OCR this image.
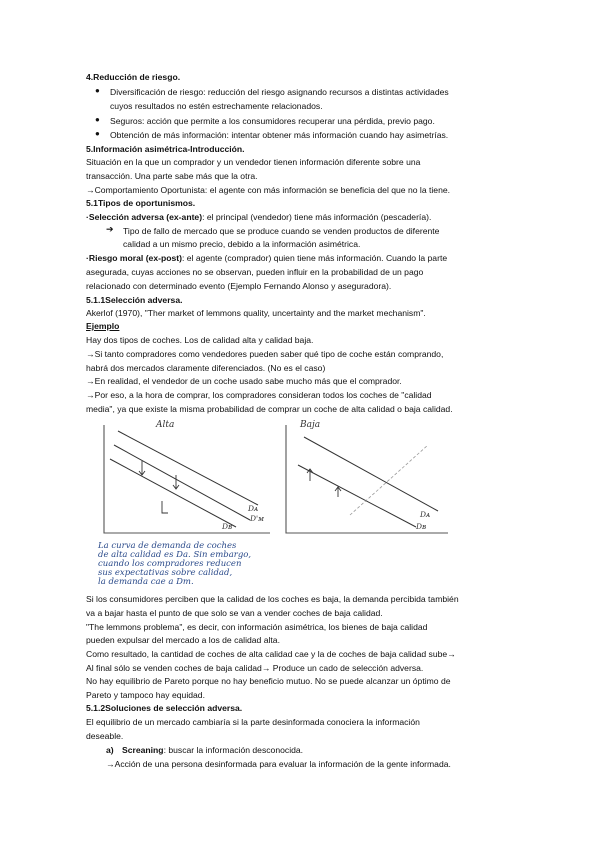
4.Reducción de riesgo.
● Diversificación de riesgo: reducción del riesgo asignando recursos a distintas actividades
cuyos resultados no estén estrechamente relacionados.
● Seguros: acción que permite a los consumidores recuperar una pérdida, previo pago.
● Obtención de más información: intentar obtener más información cuando hay asimetrías.
5.Información asimétrica-Introducción.
Situación en la que un comprador y un vendedor tienen información diferente sobre una
transacción. Una parte sabe más que la otra.
→Comportamiento Oportunista: el agente con más información se beneficia del que no la tiene.
5.1Tipos de oportunismos.
·Selección adversa (ex-ante): el principal (vendedor) tiene más información (pescadería).
➔ Tipo de fallo de mercado que se produce cuando se venden productos de diferente
calidad a un mismo precio, debido a la información asimétrica.
·Riesgo moral (ex-post): el agente (comprador) quien tiene más información. Cuando la parte
asegurada, cuyas acciones no se observan, pueden influir en la probabilidad de un pago
relacionado con determinado evento (Ejemplo Fernando Alonso y aseguradora).
5.1.1Selección adversa.
Akerlof (1970), "Ther market of lemmons quality, uncertainty and the market mechanism".
Ejemplo
Hay dos tipos de coches. Los de calidad alta y calidad baja.
→Si tanto compradores como vendedores pueden saber qué tipo de coche están comprando,
habrá dos mercados claramente diferenciados. (No es el caso)
→En realidad, el vendedor de un coche usado sabe mucho más que el comprador.
→Por eso, a la hora de comprar, los compradores consideran todos los coches de "calidad
media", ya que existe la misma probabilidad de comprar un coche de alta calidad o baja calidad.
Alta
Dᴀ
D'ᴍ
Dʙ
Baja
Dᴀ
Dʙ
La curva de demanda de coches
de alta calidad es Da. Sin embargo,
cuando los compradores reducen
sus expectativas sobre calidad,
la demanda cae a Dm.
Si los consumidores perciben que la calidad de los coches es baja, la demanda percibida también
va a bajar hasta el punto de que solo se van a vender coches de baja calidad.
"The lemmons problema", es decir, con información asimétrica, los bienes de baja calidad
pueden expulsar del mercado a los de calidad alta.
Como resultado, la cantidad de coches de alta calidad cae y la de coches de baja calidad sube→
Al final sólo se venden coches de baja calidad→ Produce un cado de selección adversa.
No hay equilibrio de Pareto porque no hay beneficio mutuo. No se puede alcanzar un óptimo de
Pareto y tampoco hay equidad.
5.1.2Soluciones de selección adversa.
El equilibrio de un mercado cambiaría si la parte desinformada conociera la información
deseable.
a) Screaning: buscar la información desconocida.
→Acción de una persona desinformada para evaluar la información de la gente informada.
